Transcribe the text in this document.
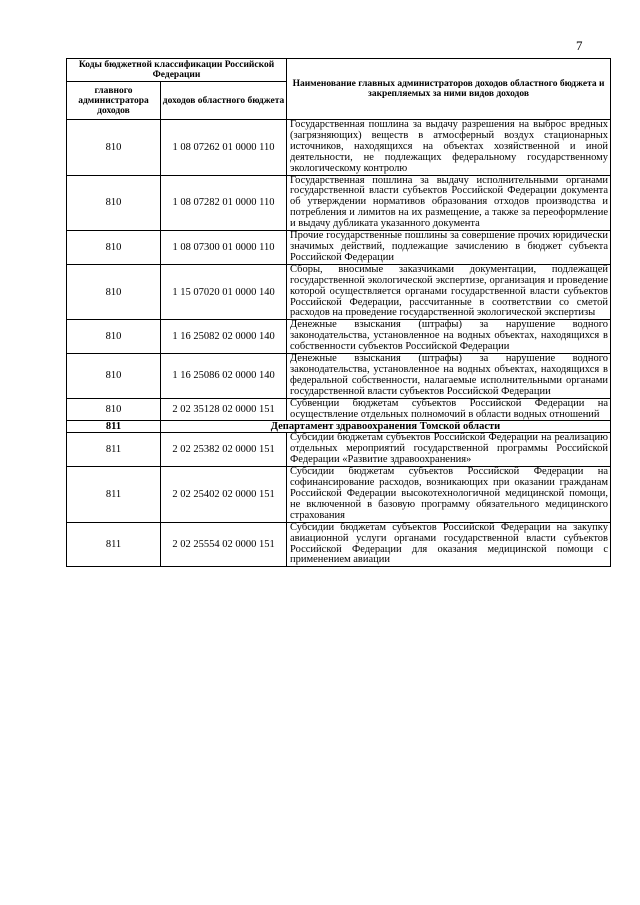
7
Коды бюджетной классификации Российской Федерации		Наименование главных администраторов доходов областного бюджета и закрепляемых за ними видов доходов
главного администратора доходов	доходов областного бюджета	
810	1 08 07262 01 0000 110	Государственная пошлина за выдачу разрешения на выброс вредных (загрязняющих) веществ в атмосферный воздух стационарных источников, находящихся на объектах хозяйственной и иной деятельности, не подлежащих федеральному государственному экологическому контролю
810	1 08 07282 01 0000 110	Государственная пошлина за выдачу исполнительными органами государственной власти субъектов Российской Федерации документа об утверждении нормативов образования отходов производства и потребления и лимитов на их размещение, а также за переоформление и выдачу дубликата указанного документа
810	1 08 07300 01 0000 110	Прочие государственные пошлины за совершение прочих юридически значимых действий, подлежащие зачислению в бюджет субъекта Российской Федерации
810	1 15 07020 01 0000 140	Сборы, вносимые заказчиками документации, подлежащей государственной экологической экспертизе, организация и проведение которой осуществляется органами государственной власти субъектов Российской Федерации, рассчитанные в соответствии со сметой расходов на проведение государственной экологической экспертизы
810	1 16 25082 02 0000 140	Денежные взыскания (штрафы) за нарушение водного законодательства, установленное на водных объектах, находящихся в собственности субъектов Российской Федерации
810	1 16 25086 02 0000 140	Денежные взыскания (штрафы) за нарушение водного законодательства, установленное на водных объектах, находящихся в федеральной собственности, налагаемые исполнительными органами государственной власти субъектов Российской Федерации
810	2 02 35128 02 0000 151	Субвенции бюджетам субъектов Российской Федерации на осуществление отдельных полномочий в области водных отношений
811	Департамент здравоохранения Томской области	
811	2 02 25382 02 0000 151	Субсидии бюджетам субъектов Российской Федерации на реализацию отдельных мероприятий государственной программы Российской Федерации «Развитие здравоохранения»
811	2 02 25402 02 0000 151	Субсидии бюджетам субъектов Российской Федерации на софинансирование расходов, возникающих при оказании гражданам Российской Федерации высокотехнологичной медицинской помощи, не включенной в базовую программу обязательного медицинского страхования
811	2 02 25554 02 0000 151	Субсидии бюджетам субъектов Российской Федерации на закупку авиационной услуги органами государственной власти субъектов Российской Федерации для оказания медицинской помощи с применением авиации
